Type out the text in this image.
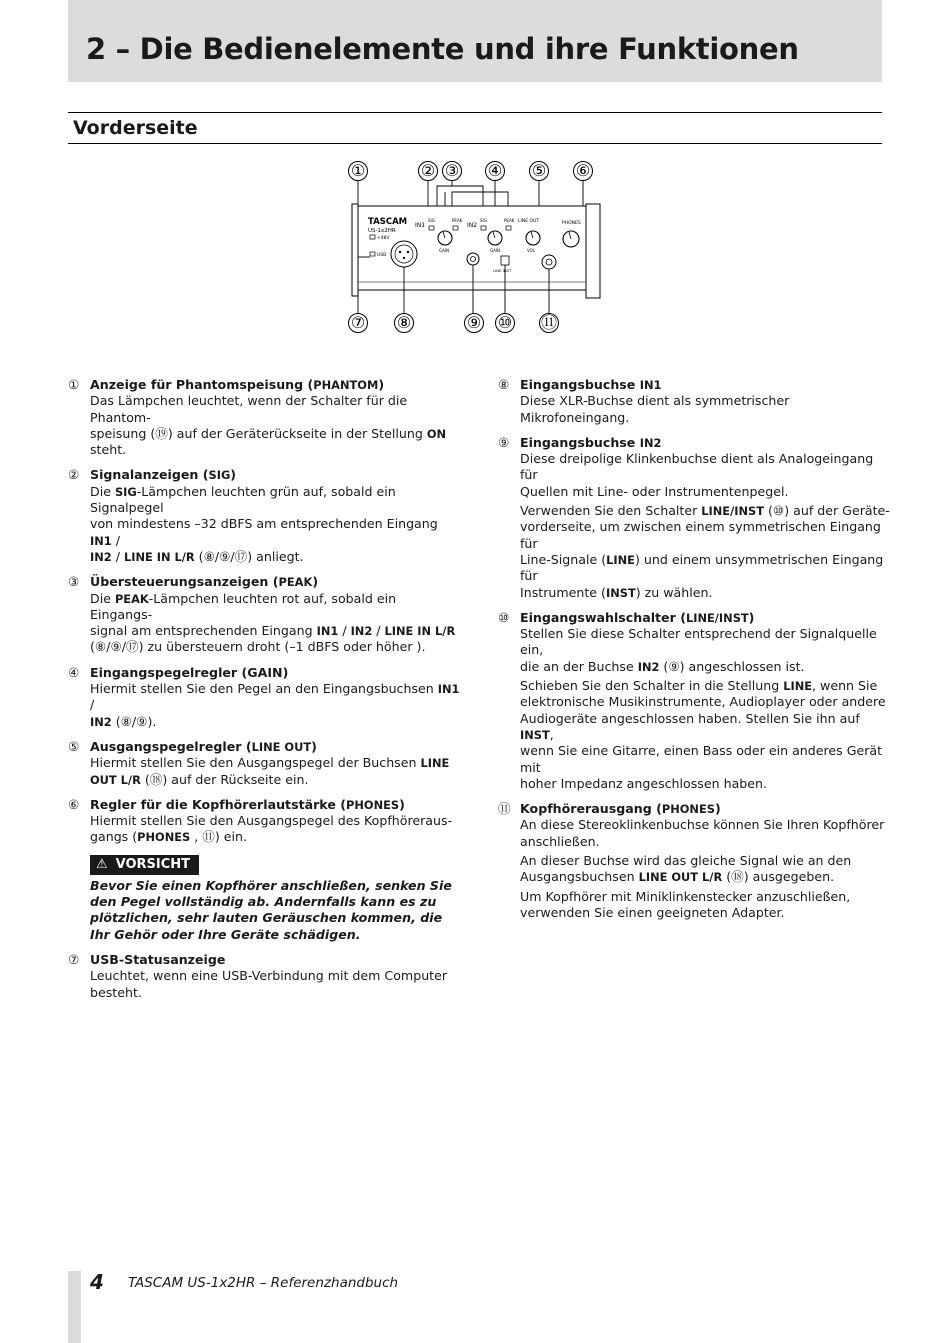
2 – Die Bedienelemente und ihre Funktionen
Vorderseite
①	② ③ ④ ⑤ ⑥
TASCAM
US-1x2HR
+48V
USB
IN1
SIG	PEAK
GAIN
IN2
SIG	PEAK
GAIN
LINE INST
LINE OUT
VOL
PHONES
⑦ ⑧	⑨ ⑩ ⑪
① Anzeige für Phantomspeisung (PHANTOM)

Das Lämpchen leuchtet, wenn der Schalter für die Phantom-
speisung (⑲) auf der Geräterückseite in der Stellung ON
steht.

② Signalanzeigen (SIG)

Die SIG-Lämpchen leuchten grün auf, sobald ein Signalpegel
von mindestens –32 dBFS am entsprechenden Eingang IN1 /
IN2 / LINE IN L/R (⑧/⑨/⑰) anliegt.

③ Übersteuerungsanzeigen (PEAK)

Die PEAK-Lämpchen leuchten rot auf, sobald ein Eingangs-
signal am entsprechenden Eingang IN1 / IN2 / LINE IN L/R
(⑧/⑨/⑰) zu übersteuern droht (–1 dBFS oder höher ).

④ Eingangspegelregler (GAIN)

Hiermit stellen Sie den Pegel an den Eingangsbuchsen IN1 /
IN2 (⑧/⑨).

⑤ Ausgangspegelregler (LINE OUT)

Hiermit stellen Sie den Ausgangspegel der Buchsen LINE
OUT L/R (⑱) auf der Rückseite ein.

⑥ Regler für die Kopfhörerlautstärke (PHONES)

Hiermit stellen Sie den Ausgangspegel des Kopfhöreraus-
gangs (PHONES , ⑪) ein.

⚠ VORSICHT
Bevor Sie einen Kopfhörer anschließen, senken Sie den Pegel vollständig ab. Andernfalls kann es zu plötzlichen, sehr lauten Geräuschen kommen, die Ihr Gehör oder Ihre Geräte schädigen.
⑦ USB-Statusanzeige

Leuchtet, wenn eine USB-Verbindung mit dem Computer
besteht.

⑧ Eingangsbuchse IN1

Diese XLR-Buchse dient als symmetrischer Mikrofoneingang.

⑨ Eingangsbuchse IN2

Diese dreipolige Klinkenbuchse dient als Analogeingang für
Quellen mit Line- oder Instrumentenpegel.

Verwenden Sie den Schalter LINE/INST (⑩) auf der Geräte-
vorderseite, um zwischen einem symmetrischen Eingang für
Line-Signale (LINE) und einem unsymmetrischen Eingang für
Instrumente (INST) zu wählen.

⑩ Eingangswahlschalter (LINE/INST)

Stellen Sie diese Schalter entsprechend der Signalquelle ein,
die an der Buchse IN2 (⑨) angeschlossen ist.

Schieben Sie den Schalter in die Stellung LINE, wenn Sie
elektronische Musikinstrumente, Audioplayer oder andere
Audiogeräte angeschlossen haben. Stellen Sie ihn auf INST,
wenn Sie eine Gitarre, einen Bass oder ein anderes Gerät mit
hoher Impedanz angeschlossen haben.

⑪ Kopfhörerausgang (PHONES)

An diese Stereoklinkenbuchse können Sie Ihren Kopfhörer
anschließen.

An dieser Buchse wird das gleiche Signal wie an den
Ausgangsbuchsen LINE OUT L/R (⑱) ausgegeben.

Um Kopfhörer mit Miniklinkenstecker anzuschließen,
verwenden Sie einen geeigneten Adapter.

4 TASCAM US-1x2HR – Referenzhandbuch
